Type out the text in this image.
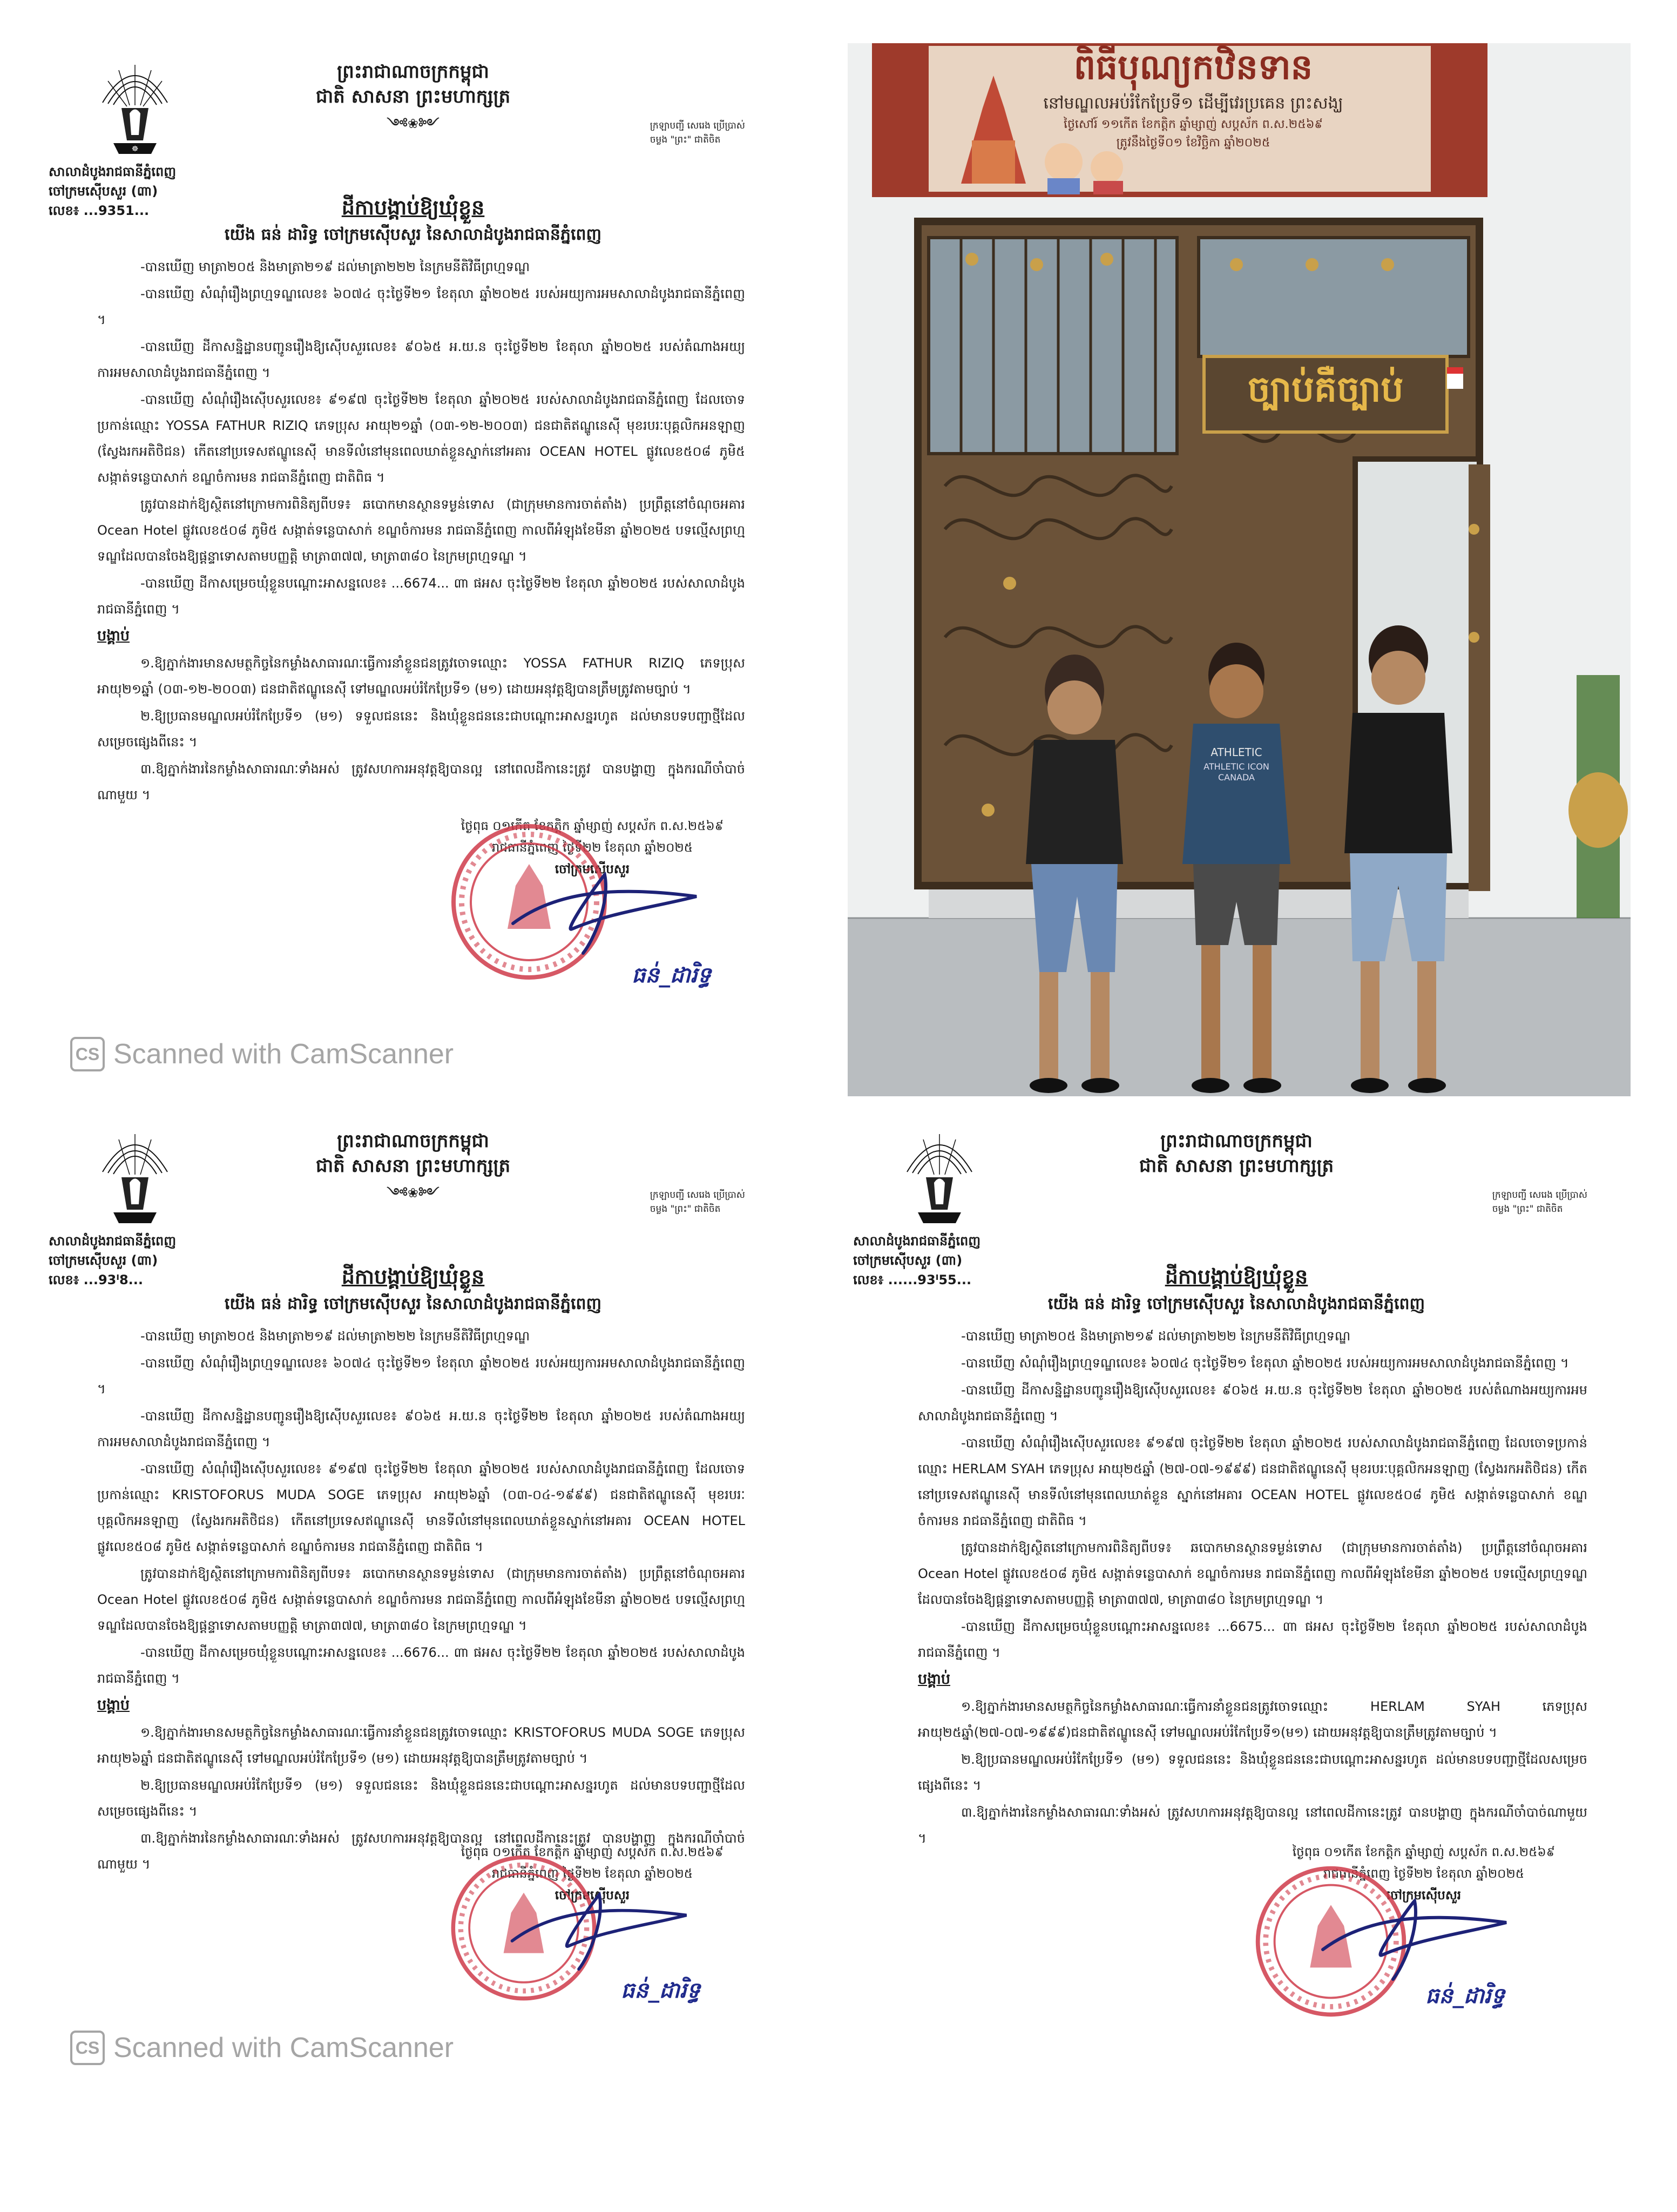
☸
សាលាដំបូងរាជធានីភ្នំពេញ
ចៅក្រមស៊ើបសួរ (៣ា)
លេខ៖ ...9351...
ព្រះរាជាណាចក្រកម្ពុជា
ជាតិ សាសនា ព្រះមហាក្សត្រ
༺❀༻	ក្រឡាបញ្ជី សេរេង ប្រើប្រាស់
ចម្លង "ព្រះ" ជាតិចិត
ដីកាបង្គាប់ឱ្យឃុំខ្លួន
យើង ធន់ ដារិទ្ធ ចៅក្រមស៊ើបសួរ នៃសាលាដំបូងរាជធានីភ្នំពេញ

-បានឃើញ មាត្រា២០៥ និងមាត្រា២១៩ ដល់មាត្រា២២២ នៃក្រមនីតិវិធីព្រហ្មទណ្ឌ

-បានឃើញ សំណុំរឿងព្រហ្មទណ្ឌលេខ៖ ៦០៧៤ ចុះថ្ងៃទី២១ ខែតុលា ឆ្នាំ២០២៥ របស់អយ្យការអមសាលាដំបូងរាជធានីភ្នំពេញ ។

-បានឃើញ ដីកាសន្និដ្ឋានបញ្ជូនរឿងឱ្យស៊ើបសួរលេខ៖ ៩០៦៥ អ.យ.ន ចុះថ្ងៃទី២២ ខែតុលា ឆ្នាំ២០២៥ របស់តំណាងអយ្យការអមសាលាដំបូងរាជធានីភ្នំពេញ ។

-បានឃើញ សំណុំរឿងស៊ើបសួរលេខ៖ ៩១៩៧ ចុះថ្ងៃទី២២ ខែតុលា ឆ្នាំ២០២៥ របស់សាលាដំបូងរាជធានីភ្នំពេញ ដែលចោទប្រកាន់ឈ្មោះ YOSSA FATHUR RIZIQ ភេទប្រុស អាយុ២១ឆ្នាំ (០៣-១២-២០០៣) ជនជាតិឥណ្ឌូនេស៊ី មុខរបរៈបុគ្គលិកអនឡាញ (ស្វែងរកអតិថិជន) កើតនៅប្រទេសឥណ្ឌូនេស៊ី មានទីលំនៅមុនពេលឃាត់ខ្លួនស្នាក់នៅអគារ OCEAN HOTEL ផ្លូវលេខ៥០៨ ភូមិ៥ សង្កាត់ទន្លេបាសាក់ ខណ្ឌចំការមន រាជធានីភ្នំពេញ ជាតិពិធ ។

ត្រូវបានដាក់ឱ្យស្ថិតនៅក្រោមការពិនិត្យពីបទ៖ ឆបោកមានស្ថានទម្ងន់ទោស (ជាក្រុមមានការចាត់តាំង) ប្រព្រឹត្តនៅចំណុចអគារ Ocean Hotel ផ្លូវលេខ៥០៨ ភូមិ៥ សង្កាត់ទន្លេបាសាក់ ខណ្ឌចំការមន រាជធានីភ្នំពេញ កាលពីអំឡុងខែមីនា ឆ្នាំ២០២៥ បទល្មើសព្រហ្មទណ្ឌដែលបានចែងឱ្យផ្ដន្ទាទោសតាមបញ្ញត្តិ មាត្រា៣៧៧, មាត្រា៣៨០ នៃក្រមព្រហ្មទណ្ឌ ។

-បានឃើញ ដីកាសម្រេចឃុំខ្លួនបណ្ដោះអាសន្នលេខ៖ ...6674... ៣ា ផអស ចុះថ្ងៃទី២២ ខែតុលា ឆ្នាំ២០២៥ របស់សាលាដំបូងរាជធានីភ្នំពេញ ។

បង្គាប់

១.ឱ្យភ្នាក់ងារមានសមត្ថកិច្ចនៃកម្លាំងសាធារណៈធ្វើការនាំខ្លួនជនត្រូវចោទឈ្មោះ YOSSA FATHUR RIZIQ ភេទប្រុស អាយុ២១ឆ្នាំ (០៣-១២-២០០៣) ជនជាតិឥណ្ឌូនេស៊ី ទៅមណ្ឌលអប់រំកែប្រែទី១ (ម១) ដោយអនុវត្តឱ្យបានត្រឹមត្រូវតាមច្បាប់ ។

២.ឱ្យប្រធានមណ្ឌលអប់រំកែប្រែទី១ (ម១) ទទួលជននេះ និងឃុំខ្លួនជននេះជាបណ្ដោះអាសន្នរហូត ដល់មានបទបញ្ជាថ្មីដែលសម្រេចផ្សេងពីនេះ ។

៣.ឱ្យភ្នាក់ងារនៃកម្លាំងសាធារណៈទាំងអស់ ត្រូវសហការអនុវត្តឱ្យបានល្អ នៅពេលដីកានេះត្រូវ បានបង្ហាញ ក្នុងករណីចាំបាច់ណាមួយ ។

ថ្ងៃពុធ ០១កើត ខែកត្តិក ឆ្នាំម្សាញ់ សប្តស័ក ព.ស.២៥៦៩
រាជធានីភ្នំពេញ ថ្ងៃទី២២ ខែតុលា ឆ្នាំ២០២៥
ចៅក្រមស៊ើបសួរ
ធន់_ដារិទ្ធ
CS Scanned with CamScanner
ATHLETIC
ពិធីបុណ្យកឋិនទាន
នៅមណ្ឌលអប់រំកែប្រែទី១ ដើម្បីវេរប្រគេន ព្រះសង្ឃ
ថ្ងៃសៅរ៍ ១១កើត ខែកត្ដិក ឆ្នាំម្សាញ់ សប្តស័ក ព.ស.២៥៦៩
ត្រូវនឹងថ្ងៃទី០១ ខែវិច្ឆិកា ឆ្នាំ២០២៥
ច្បាប់គឺច្បាប់
ATHLETIC ICON CANADA
សាលាដំបូងរាជធានីភ្នំពេញ
ចៅក្រមស៊ើបសួរ (៣ា)
លេខ៖ ...93ᴵ8...
ព្រះរាជាណាចក្រកម្ពុជា
ជាតិ សាសនា ព្រះមហាក្សត្រ
༺❀༻	ក្រឡាបញ្ជី សេរេង ប្រើប្រាស់
ចម្លង "ព្រះ" ជាតិចិត
ដីកាបង្គាប់ឱ្យឃុំខ្លួន
យើង ធន់ ដារិទ្ធ ចៅក្រមស៊ើបសួរ នៃសាលាដំបូងរាជធានីភ្នំពេញ

-បានឃើញ មាត្រា២០៥ និងមាត្រា២១៩ ដល់មាត្រា២២២ នៃក្រមនីតិវិធីព្រហ្មទណ្ឌ

-បានឃើញ សំណុំរឿងព្រហ្មទណ្ឌលេខ៖ ៦០៧៤ ចុះថ្ងៃទី២១ ខែតុលា ឆ្នាំ២០២៥ របស់អយ្យការអមសាលាដំបូងរាជធានីភ្នំពេញ ។

-បានឃើញ ដីកាសន្និដ្ឋានបញ្ជូនរឿងឱ្យស៊ើបសួរលេខ៖ ៩០៦៥ អ.យ.ន ចុះថ្ងៃទី២២ ខែតុលា ឆ្នាំ២០២៥ របស់តំណាងអយ្យការអមសាលាដំបូងរាជធានីភ្នំពេញ ។

-បានឃើញ សំណុំរឿងស៊ើបសួរលេខ៖ ៩១៩៧ ចុះថ្ងៃទី២២ ខែតុលា ឆ្នាំ២០២៥ របស់សាលាដំបូងរាជធានីភ្នំពេញ ដែលចោទប្រកាន់ឈ្មោះ KRISTOFORUS MUDA SOGE ភេទប្រុស អាយុ២៦ឆ្នាំ (០៣-០៤-១៩៩៩) ជនជាតិឥណ្ឌូនេស៊ី មុខរបរៈបុគ្គលិកអនឡាញ (ស្វែងរកអតិថិជន) កើតនៅប្រទេសឥណ្ឌូនេស៊ី មានទីលំនៅមុនពេលឃាត់ខ្លួនស្នាក់នៅអគារ OCEAN HOTEL ផ្លូវលេខ៥០៨ ភូមិ៥ សង្កាត់ទន្លេបាសាក់ ខណ្ឌចំការមន រាជធានីភ្នំពេញ ជាតិពិធ ។

ត្រូវបានដាក់ឱ្យស្ថិតនៅក្រោមការពិនិត្យពីបទ៖ ឆបោកមានស្ថានទម្ងន់ទោស (ជាក្រុមមានការចាត់តាំង) ប្រព្រឹត្តនៅចំណុចអគារ Ocean Hotel ផ្លូវលេខ៥០៨ ភូមិ៥ សង្កាត់ទន្លេបាសាក់ ខណ្ឌចំការមន រាជធានីភ្នំពេញ កាលពីអំឡុងខែមីនា ឆ្នាំ២០២៥ បទល្មើសព្រហ្មទណ្ឌដែលបានចែងឱ្យផ្ដន្ទាទោសតាមបញ្ញត្តិ មាត្រា៣៧៧, មាត្រា៣៨០ នៃក្រមព្រហ្មទណ្ឌ ។

-បានឃើញ ដីកាសម្រេចឃុំខ្លួនបណ្ដោះអាសន្នលេខ៖ ...6676... ៣ា ផអស ចុះថ្ងៃទី២២ ខែតុលា ឆ្នាំ២០២៥ របស់សាលាដំបូងរាជធានីភ្នំពេញ ។

បង្គាប់

១.ឱ្យភ្នាក់ងារមានសមត្ថកិច្ចនៃកម្លាំងសាធារណៈធ្វើការនាំខ្លួនជនត្រូវចោទឈ្មោះ KRISTOFORUS MUDA SOGE ភេទប្រុស អាយុ២៦ឆ្នាំ ជនជាតិឥណ្ឌូនេស៊ី ទៅមណ្ឌលអប់រំកែប្រែទី១ (ម១) ដោយអនុវត្តឱ្យបានត្រឹមត្រូវតាមច្បាប់ ។

២.ឱ្យប្រធានមណ្ឌលអប់រំកែប្រែទី១ (ម១) ទទួលជននេះ និងឃុំខ្លួនជននេះជាបណ្ដោះអាសន្នរហូត ដល់មានបទបញ្ជាថ្មីដែលសម្រេចផ្សេងពីនេះ ។

៣.ឱ្យភ្នាក់ងារនៃកម្លាំងសាធារណៈទាំងអស់ ត្រូវសហការអនុវត្តឱ្យបានល្អ នៅពេលដីកានេះត្រូវ បានបង្ហាញ ក្នុងករណីចាំបាច់ណាមួយ ។

ថ្ងៃពុធ ០១កើត ខែកត្តិក ឆ្នាំម្សាញ់ សប្តស័ក ព.ស.២៥៦៩
រាជធានីភ្នំពេញ ថ្ងៃទី២២ ខែតុលា ឆ្នាំ២០២៥
ចៅក្រមស៊ើបសួរ
ធន់_ដារិទ្ធ
CS Scanned with CamScanner
សាលាដំបូងរាជធានីភ្នំពេញ
ចៅក្រមស៊ើបសួរ (៣ា)
លេខ៖ ......93ᴵ55...
ព្រះរាជាណាចក្រកម្ពុជា
ជាតិ សាសនា ព្រះមហាក្សត្រ
ក្រឡាបញ្ជី សេរេង ប្រើប្រាស់
ចម្លង "ព្រះ" ជាតិចិត
ដីកាបង្គាប់ឱ្យឃុំខ្លួន
យើង ធន់ ដារិទ្ធ ចៅក្រមស៊ើបសួរ នៃសាលាដំបូងរាជធានីភ្នំពេញ

-បានឃើញ មាត្រា២០៥ និងមាត្រា២១៩ ដល់មាត្រា២២២ នៃក្រមនីតិវិធីព្រហ្មទណ្ឌ

-បានឃើញ សំណុំរឿងព្រហ្មទណ្ឌលេខ៖ ៦០៧៤ ចុះថ្ងៃទី២១ ខែតុលា ឆ្នាំ២០២៥ របស់អយ្យការអមសាលាដំបូងរាជធានីភ្នំពេញ ។

-បានឃើញ ដីកាសន្និដ្ឋានបញ្ជូនរឿងឱ្យស៊ើបសួរលេខ៖ ៩០៦៥ អ.យ.ន ចុះថ្ងៃទី២២ ខែតុលា ឆ្នាំ២០២៥ របស់តំណាងអយ្យការអមសាលាដំបូងរាជធានីភ្នំពេញ ។

-បានឃើញ សំណុំរឿងស៊ើបសួរលេខ៖ ៩១៩៧ ចុះថ្ងៃទី២២ ខែតុលា ឆ្នាំ២០២៥ របស់សាលាដំបូងរាជធានីភ្នំពេញ ដែលចោទប្រកាន់ឈ្មោះ HERLAM SYAH ភេទប្រុស អាយុ២៥ឆ្នាំ (២៧-០៧-១៩៩៩) ជនជាតិឥណ្ឌូនេស៊ី មុខរបរៈបុគ្គលិកអនឡាញ (ស្វែងរកអតិថិជន) កើតនៅប្រទេសឥណ្ឌូនេស៊ី មានទីលំនៅមុនពេលឃាត់ខ្លួន ស្នាក់នៅអគារ OCEAN HOTEL ផ្លូវលេខ៥០៨ ភូមិ៥ សង្កាត់ទន្លេបាសាក់ ខណ្ឌចំការមន រាជធានីភ្នំពេញ ជាតិពិធ ។

ត្រូវបានដាក់ឱ្យស្ថិតនៅក្រោមការពិនិត្យពីបទ៖ ឆបោកមានស្ថានទម្ងន់ទោស (ជាក្រុមមានការចាត់តាំង) ប្រព្រឹត្តនៅចំណុចអគារ Ocean Hotel ផ្លូវលេខ៥០៨ ភូមិ៥ សង្កាត់ទន្លេបាសាក់ ខណ្ឌចំការមន រាជធានីភ្នំពេញ កាលពីអំឡុងខែមីនា ឆ្នាំ២០២៥ បទល្មើសព្រហ្មទណ្ឌដែលបានចែងឱ្យផ្ដន្ទាទោសតាមបញ្ញត្តិ មាត្រា៣៧៧, មាត្រា៣៨០ នៃក្រមព្រហ្មទណ្ឌ ។

-បានឃើញ ដីកាសម្រេចឃុំខ្លួនបណ្ដោះអាសន្នលេខ៖ ...6675... ៣ា ផអស ចុះថ្ងៃទី២២ ខែតុលា ឆ្នាំ២០២៥ របស់សាលាដំបូងរាជធានីភ្នំពេញ ។

បង្គាប់

១.ឱ្យភ្នាក់ងារមានសមត្ថកិច្ចនៃកម្លាំងសាធារណៈធ្វើការនាំខ្លួនជនត្រូវចោទឈ្មោះ HERLAM SYAH ភេទប្រុស អាយុ២៥ឆ្នាំ(២៧-០៧-១៩៩៩)ជនជាតិឥណ្ឌូនេស៊ី ទៅមណ្ឌលអប់រំកែប្រែទី១(ម១) ដោយអនុវត្តឱ្យបានត្រឹមត្រូវតាមច្បាប់ ។

២.ឱ្យប្រធានមណ្ឌលអប់រំកែប្រែទី១ (ម១) ទទួលជននេះ និងឃុំខ្លួនជននេះជាបណ្ដោះអាសន្នរហូត ដល់មានបទបញ្ជាថ្មីដែលសម្រេចផ្សេងពីនេះ ។

៣.ឱ្យភ្នាក់ងារនៃកម្លាំងសាធារណៈទាំងអស់ ត្រូវសហការអនុវត្តឱ្យបានល្អ នៅពេលដីកានេះត្រូវ បានបង្ហាញ ក្នុងករណីចាំបាច់ណាមួយ ។

ថ្ងៃពុធ ០១កើត ខែកត្តិក ឆ្នាំម្សាញ់ សប្តស័ក ព.ស.២៥៦៩
រាជធានីភ្នំពេញ ថ្ងៃទី២២ ខែតុលា ឆ្នាំ២០២៥
ចៅក្រមស៊ើបសួរ
ធន់_ដារិទ្ធ
